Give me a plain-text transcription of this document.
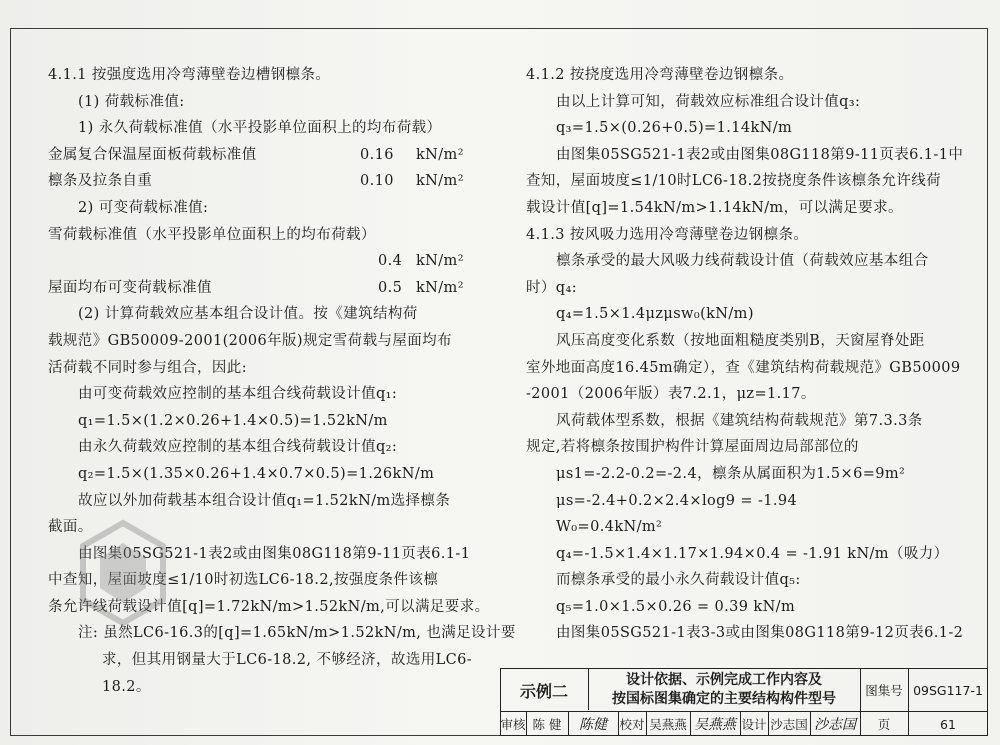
4.1.1 按强度选用冷弯薄壁卷边槽钢檩条。
(1) 荷载标准值:
1) 永久荷载标准值（水平投影单位面积上的均布荷载）
金属复合保温屋面板荷载标准值	0.16 kN/m²
檩条及拉条自重	0.10 kN/m²
2) 可变荷载标准值:
雪荷载标准值（水平投影单位面积上的均布荷载）
0.4 kN/m²
屋面均布可变荷载标准值	0.5 kN/m²
(2) 计算荷载效应基本组合设计值。按《建筑结构荷
载规范》GB50009-2001(2006年版)规定雪荷载与屋面均布
活荷载不同时参与组合，因此:
由可变荷载效应控制的基本组合线荷载设计值q₁:
q₁=1.5×(1.2×0.26+1.4×0.5)=1.52kN/m
由永久荷载效应控制的基本组合线荷载设计值q₂:
q₂=1.5×(1.35×0.26+1.4×0.7×0.5)=1.26kN/m
故应以外加荷载基本组合设计值q₁=1.52kN/m选择檩条
截面。
由图集05SG521-1表2或由图集08G118第9-11页表6.1-1
中查知，屋面坡度≤1/10时初选LC6-18.2,按强度条件该檩
条允许线荷载设计值[q]=1.72kN/m>1.52kN/m,可以满足要求。
注: 虽然LC6-16.3的[q]=1.65kN/m>1.52kN/m, 也满足设计要
求，但其用钢量大于LC6-18.2, 不够经济，故选用LC6-
18.2。
4.1.2 按挠度选用冷弯薄壁卷边钢檩条。
由以上计算可知，荷载效应标准组合设计值q₃:
q₃=1.5×(0.26+0.5)=1.14kN/m
由图集05SG521-1表2或由图集08G118第9-11页表6.1-1中
查知，屋面坡度≤1/10时LC6-18.2按挠度条件该檩条允许线荷
载设计值[q]=1.54kN/m>1.14kN/m，可以满足要求。
4.1.3 按风吸力选用冷弯薄壁卷边钢檩条。
檩条承受的最大风吸力线荷载设计值（荷载效应基本组合
时）q₄:
q₄=1.5×1.4μzμsw₀(kN/m)
风压高度变化系数（按地面粗糙度类别B，天窗屋脊处距
室外地面高度16.45m确定），查《建筑结构荷载规范》GB50009
-2001（2006年版）表7.2.1，μz=1.17。
风荷载体型系数，根据《建筑结构荷载规范》第7.3.3条
规定,若将檩条按围护构件计算屋面周边局部部位的
μs1=-2.2-0.2=-2.4，檩条从属面积为1.5×6=9m²
μs=-2.4+0.2×2.4×log9 = -1.94
W₀=0.4kN/m²
q₄=-1.5×1.4×1.17×1.94×0.4 = -1.91 kN/m（吸力）
而檩条承受的最小永久荷载设计值q₅:
q₅=1.0×1.5×0.26 = 0.39 kN/m
由图集05SG521-1表3-3或由图集08G118第9-12页表6.1-2
示例二
设计依据、示例完成工作内容及
按国标图集确定的主要结构构件型号
图集号 09SG117-1
审核 陈 健	陈健 校对 吴燕燕 吴燕燕 设计 沙志国 沙志国	页	61
